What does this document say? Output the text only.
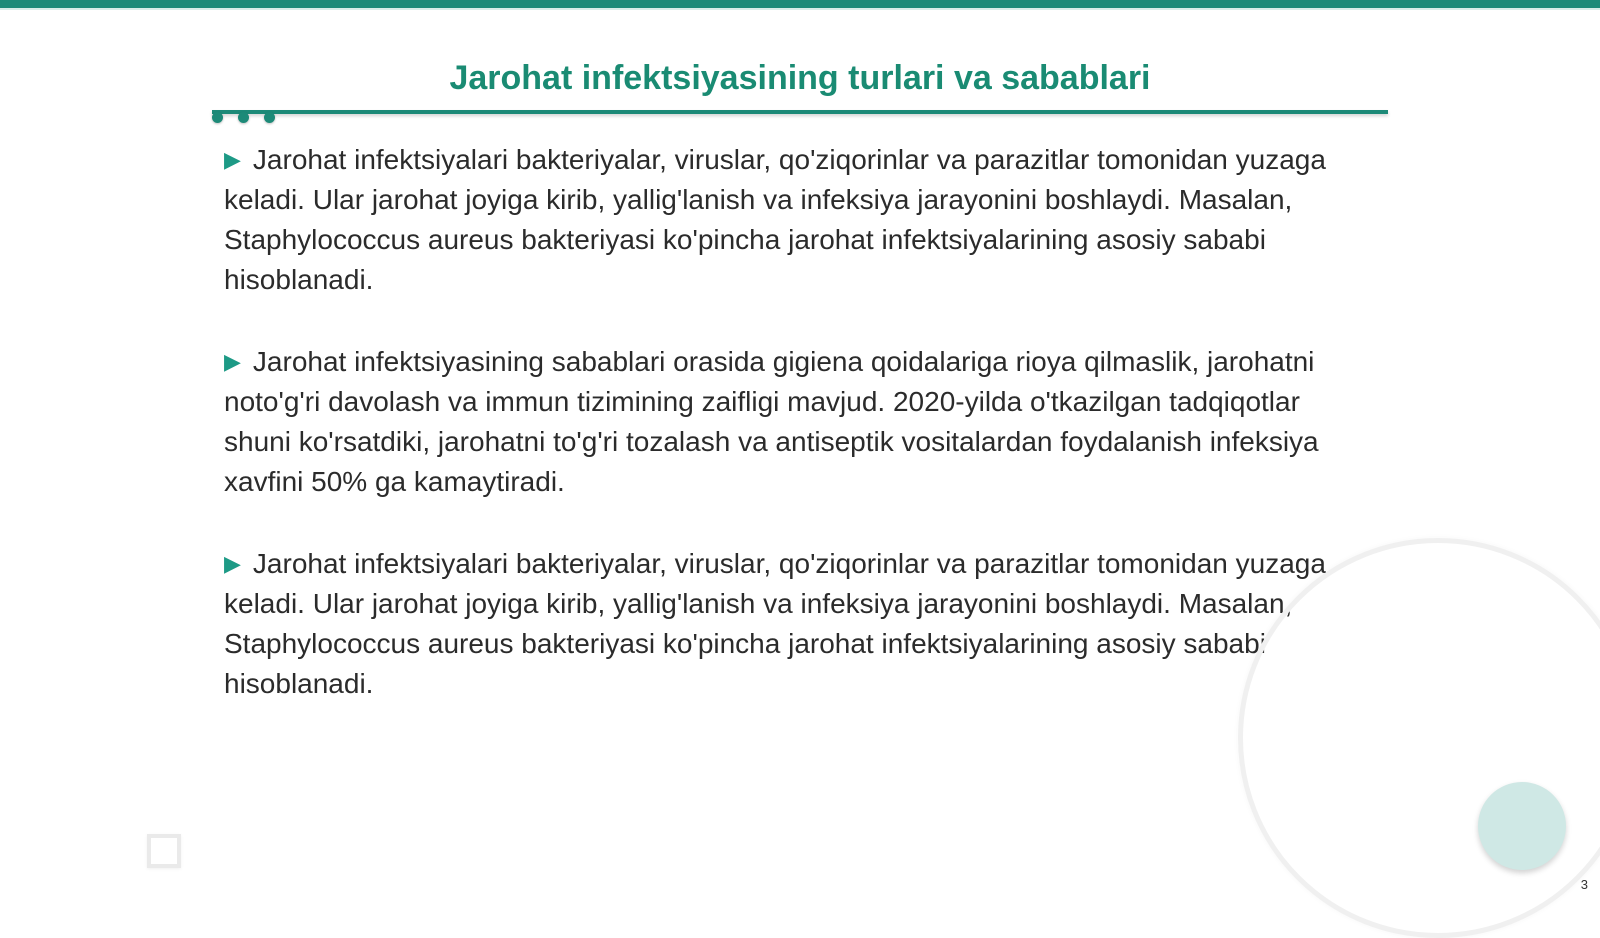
Jarohat infektsiyasining turlari va sabablari

▶ Jarohat infektsiyalari bakteriyalar, viruslar, qo'ziqorinlar va parazitlar tomonidan yuzaga keladi. Ular jarohat joyiga kirib, yallig'lanish va infeksiya jarayonini boshlaydi. Masalan, Staphylococcus aureus bakteriyasi ko'pincha jarohat infektsiyalarining asosiy sababi hisoblanadi.

▶ Jarohat infektsiyasining sabablari orasida gigiena qoidalariga rioya qilmaslik, jarohatni noto'g'ri davolash va immun tizimining zaifligi mavjud. 2020-yilda o'tkazilgan tadqiqotlar shuni ko'rsatdiki, jarohatni to'g'ri tozalash va antiseptik vositalardan foydalanish infeksiya xavfini 50% ga kamaytiradi.

▶ Jarohat infektsiyalari bakteriyalar, viruslar, qo'ziqorinlar va parazitlar tomonidan yuzaga keladi. Ular jarohat joyiga kirib, yallig'lanish va infeksiya jarayonini boshlaydi. Masalan, Staphylococcus aureus bakteriyasi ko'pincha jarohat infektsiyalarining asosiy sababi hisoblanadi.

3
